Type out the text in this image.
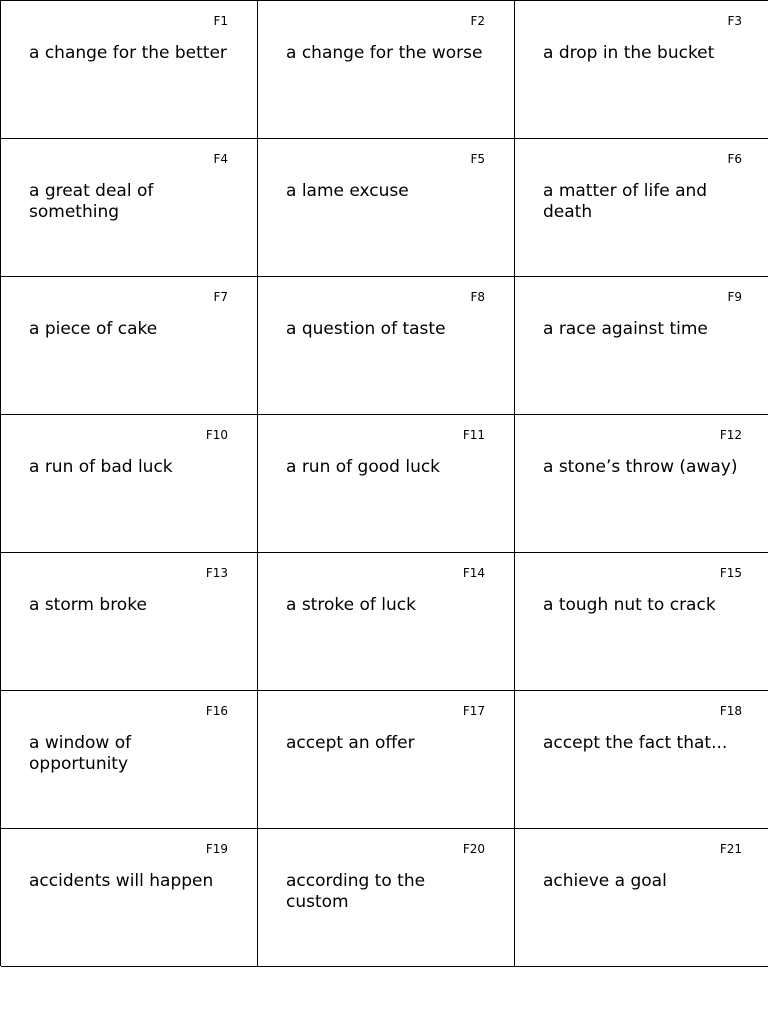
F1
a change for the better
F2
a change for the worse
F3
a drop in the bucket
F4
a great deal of something
F5
a lame excuse
F6
a matter of life and death
F7
a piece of cake
F8
a question of taste
F9
a race against time
F10
a run of bad luck
F11
a run of good luck
F12
a stone’s throw (away)
F13
a storm broke
F14
a stroke of luck
F15
a tough nut to crack
F16
a window of opportunity
F17
accept an offer
F18
accept the fact that...
F19
accidents will happen
F20
according to the custom
F21
achieve a goal
